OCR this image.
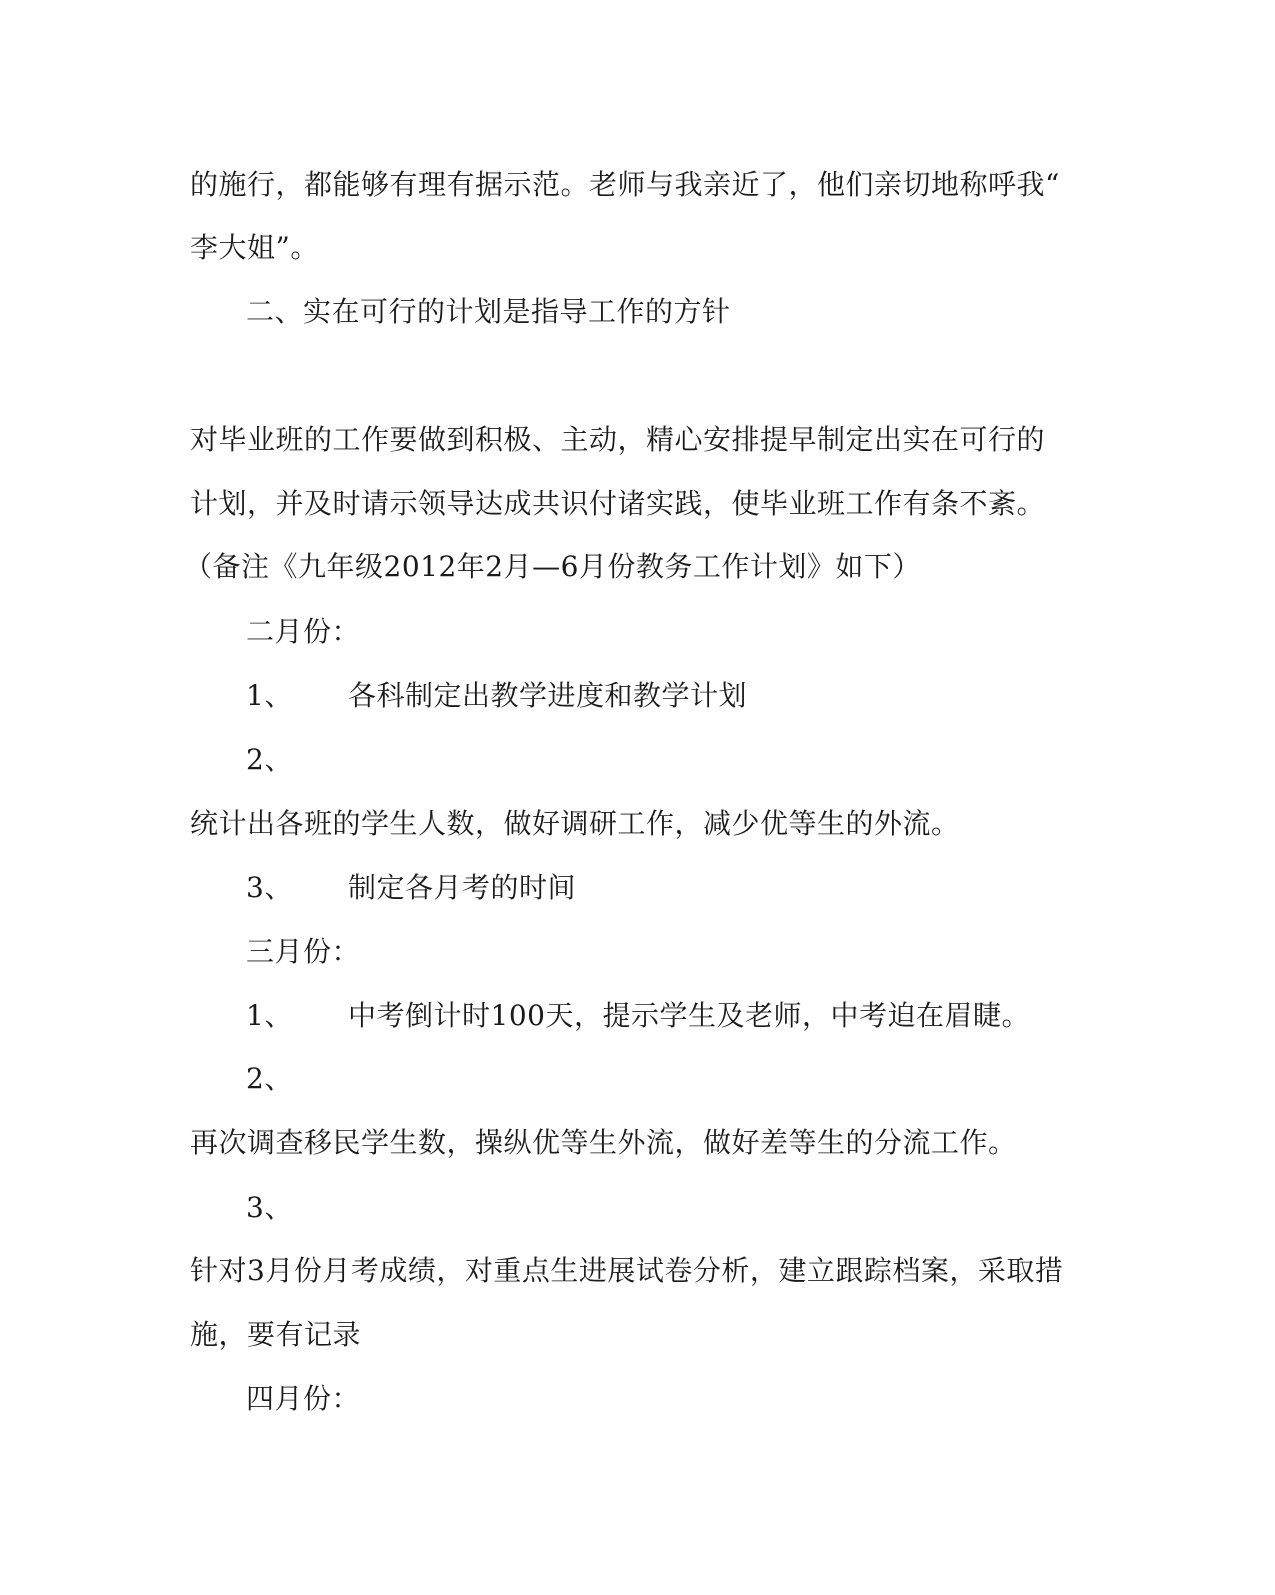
的施行，都能够有理有据示范。老师与我亲近了，他们亲切地称呼我“
李大姐”。
二、实在可行的计划是指导工作的方针
对毕业班的工作要做到积极、主动，精心安排提早制定出实在可行的
计划，并及时请示领导达成共识付诸实践，使毕业班工作有条不紊。
（备注《九年级2012年2月—6月份教务工作计划》如下）
二月份：
1、 各科制定出教学进度和教学计划
2、
统计出各班的学生人数，做好调研工作，减少优等生的外流。
3、 制定各月考的时间
三月份：
1、 中考倒计时100天，提示学生及老师，中考迫在眉睫。
2、
再次调查移民学生数，操纵优等生外流，做好差等生的分流工作。
3、
针对3月份月考成绩，对重点生进展试卷分析，建立跟踪档案，采取措
施，要有记录
四月份：
